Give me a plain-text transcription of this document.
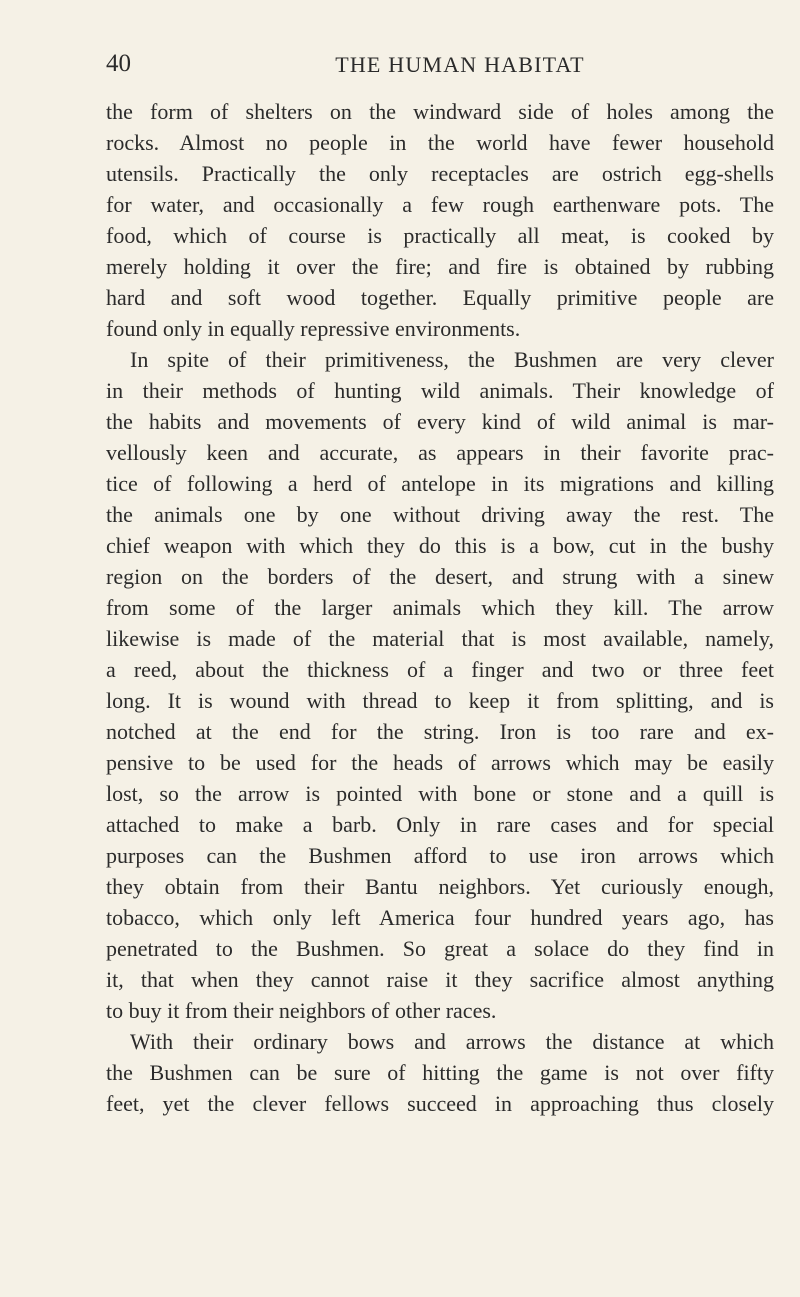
40	THE HUMAN HABITAT
the form of shelters on the windward side of holes among the
rocks. Almost no people in the world have fewer household
utensils. Practically the only receptacles are ostrich egg-shells
for water, and occasionally a few rough earthenware pots. The
food, which of course is practically all meat, is cooked by
merely holding it over the fire; and fire is obtained by rubbing
hard and soft wood together. Equally primitive people are
found only in equally repressive environments.
In spite of their primitiveness, the Bushmen are very clever
in their methods of hunting wild animals. Their knowledge of
the habits and movements of every kind of wild animal is mar-
vellously keen and accurate, as appears in their favorite prac-
tice of following a herd of antelope in its migrations and killing
the animals one by one without driving away the rest. The
chief weapon with which they do this is a bow, cut in the bushy
region on the borders of the desert, and strung with a sinew
from some of the larger animals which they kill. The arrow
likewise is made of the material that is most available, namely,
a reed, about the thickness of a finger and two or three feet
long. It is wound with thread to keep it from splitting, and is
notched at the end for the string. Iron is too rare and ex-
pensive to be used for the heads of arrows which may be easily
lost, so the arrow is pointed with bone or stone and a quill is
attached to make a barb. Only in rare cases and for special
purposes can the Bushmen afford to use iron arrows which
they obtain from their Bantu neighbors. Yet curiously enough,
tobacco, which only left America four hundred years ago, has
penetrated to the Bushmen. So great a solace do they find in
it, that when they cannot raise it they sacrifice almost anything
to buy it from their neighbors of other races.
With their ordinary bows and arrows the distance at which
the Bushmen can be sure of hitting the game is not over fifty
feet, yet the clever fellows succeed in approaching thus closely
